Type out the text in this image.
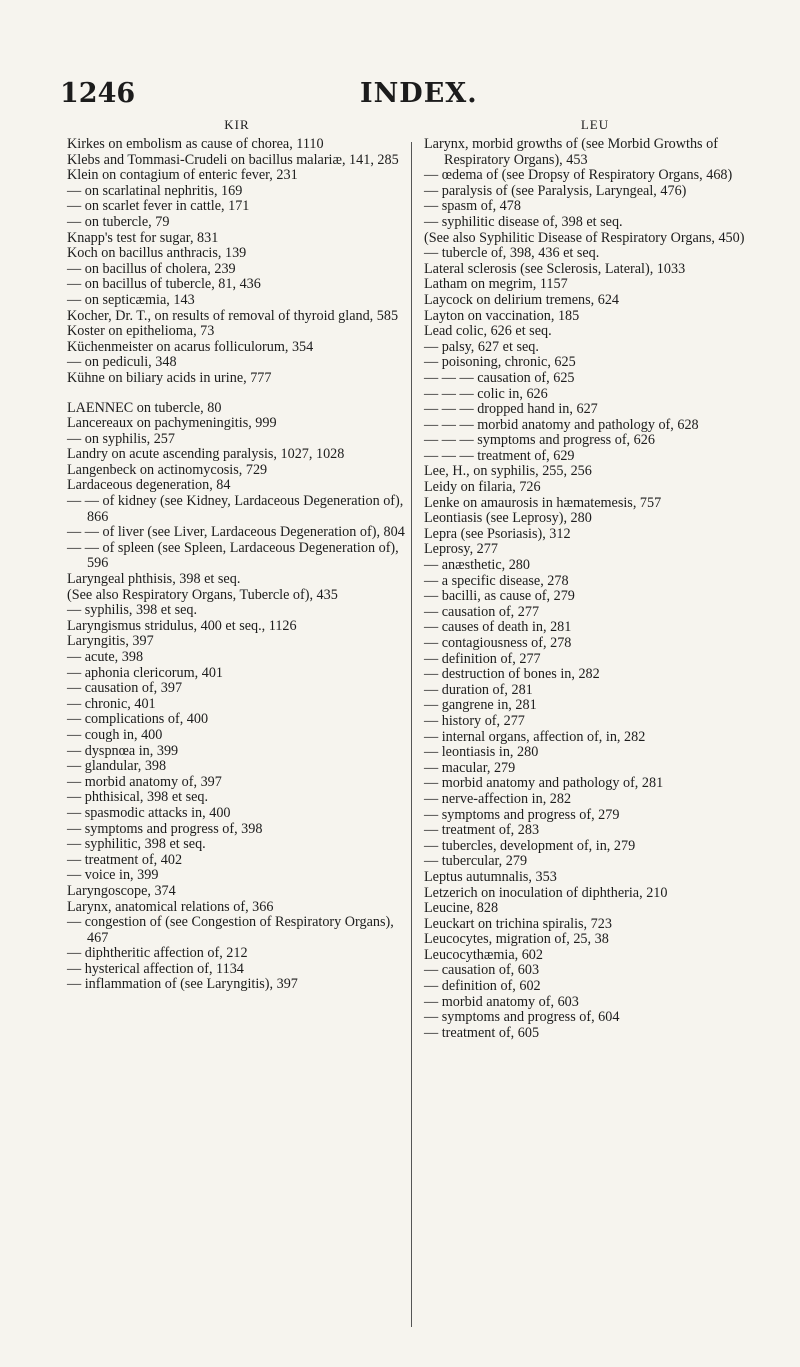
1246	INDEX.
KIR
Kirkes on embolism as cause of chorea, 1110
Klebs and Tommasi-Crudeli on bacillus malariæ, 141, 285
Klein on contagium of enteric fever, 231
— on scarlatinal nephritis, 169
— on scarlet fever in cattle, 171
— on tubercle, 79
Knapp's test for sugar, 831
Koch on bacillus anthracis, 139
— on bacillus of cholera, 239
— on bacillus of tubercle, 81, 436
— on septicæmia, 143
Kocher, Dr. T., on results of removal of thyroid gland, 585
Koster on epithelioma, 73
Küchenmeister on acarus folliculorum, 354
— on pediculi, 348
Kühne on biliary acids in urine, 777
LAENNEC on tubercle, 80
Lancereaux on pachymeningitis, 999
— on syphilis, 257
Landry on acute ascending paralysis, 1027, 1028
Langenbeck on actinomycosis, 729
Lardaceous degeneration, 84
— — of kidney (see Kidney, Lardaceous Degeneration of), 866
— — of liver (see Liver, Lardaceous Degeneration of), 804
— — of spleen (see Spleen, Lardaceous Degeneration of), 596
Laryngeal phthisis, 398 et seq.
(See also Respiratory Organs, Tubercle of), 435
— syphilis, 398 et seq.
Laryngismus stridulus, 400 et seq., 1126
Laryngitis, 397
— acute, 398
— aphonia clericorum, 401
— causation of, 397
— chronic, 401
— complications of, 400
— cough in, 400
— dyspnœa in, 399
— glandular, 398
— morbid anatomy of, 397
— phthisical, 398 et seq.
— spasmodic attacks in, 400
— symptoms and progress of, 398
— syphilitic, 398 et seq.
— treatment of, 402
— voice in, 399
Laryngoscope, 374
Larynx, anatomical relations of, 366
— congestion of (see Congestion of Respiratory Organs), 467
— diphtheritic affection of, 212
— hysterical affection of, 1134
— inflammation of (see Laryngitis), 397
LEU
Larynx, morbid growths of (see Morbid Growths of Respiratory Organs), 453
— œdema of (see Dropsy of Respiratory Organs, 468)
— paralysis of (see Paralysis, Laryngeal, 476)
— spasm of, 478
— syphilitic disease of, 398 et seq.
(See also Syphilitic Disease of Respiratory Organs, 450)
— tubercle of, 398, 436 et seq.
Lateral sclerosis (see Sclerosis, Lateral), 1033
Latham on megrim, 1157
Laycock on delirium tremens, 624
Layton on vaccination, 185
Lead colic, 626 et seq.
— palsy, 627 et seq.
— poisoning, chronic, 625
— — — causation of, 625
— — — colic in, 626
— — — dropped hand in, 627
— — — morbid anatomy and pathology of, 628
— — — symptoms and progress of, 626
— — — treatment of, 629
Lee, H., on syphilis, 255, 256
Leidy on filaria, 726
Lenke on amaurosis in hæmatemesis, 757
Leontiasis (see Leprosy), 280
Lepra (see Psoriasis), 312
Leprosy, 277
— anæsthetic, 280
— a specific disease, 278
— bacilli, as cause of, 279
— causation of, 277
— causes of death in, 281
— contagiousness of, 278
— definition of, 277
— destruction of bones in, 282
— duration of, 281
— gangrene in, 281
— history of, 277
— internal organs, affection of, in, 282
— leontiasis in, 280
— macular, 279
— morbid anatomy and pathology of, 281
— nerve-affection in, 282
— symptoms and progress of, 279
— treatment of, 283
— tubercles, development of, in, 279
— tubercular, 279
Leptus autumnalis, 353
Letzerich on inoculation of diphtheria, 210
Leucine, 828
Leuckart on trichina spiralis, 723
Leucocytes, migration of, 25, 38
Leucocythæmia, 602
— causation of, 603
— definition of, 602
— morbid anatomy of, 603
— symptoms and progress of, 604
— treatment of, 605
